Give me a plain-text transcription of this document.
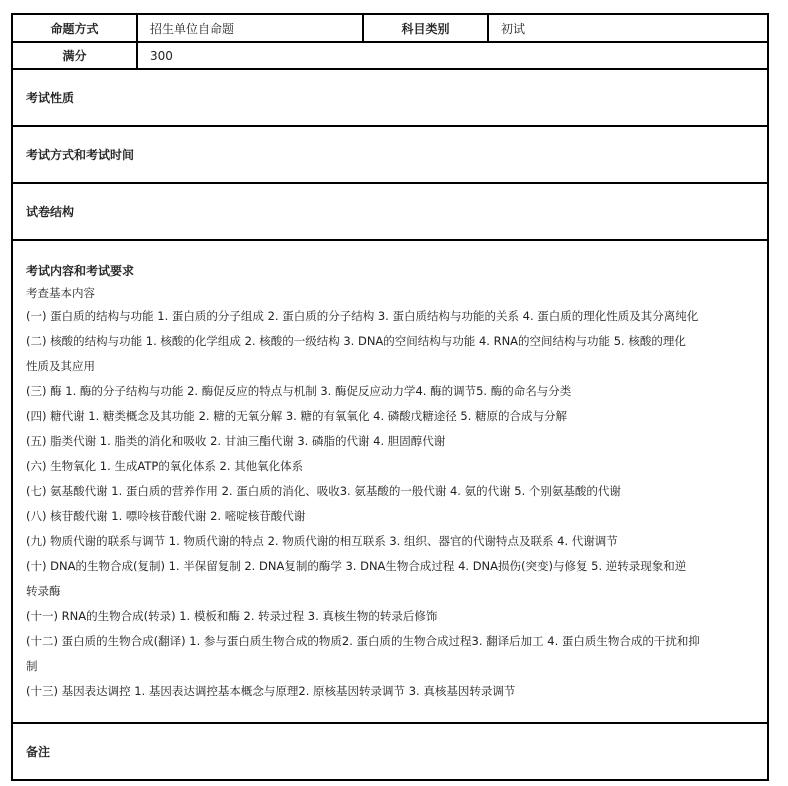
命题方式	招生单位自命题	科目类别	初试
满分	300		
考试性质
考试方式和考试时间
试卷结构
考试内容和考试要求
考查基本内容
(一) 蛋白质的结构与功能 1. 蛋白质的分子组成 2. 蛋白质的分子结构 3. 蛋白质结构与功能的关系 4. 蛋白质的理化性质及其分离纯化
(二) 核酸的结构与功能 1. 核酸的化学组成 2. 核酸的一级结构 3. DNA的空间结构与功能 4. RNA的空间结构与功能 5. 核酸的理化
性质及其应用
(三) 酶 1. 酶的分子结构与功能 2. 酶促反应的特点与机制 3. 酶促反应动力学4. 酶的调节5. 酶的命名与分类
(四) 糖代谢 1. 糖类概念及其功能 2. 糖的无氧分解 3. 糖的有氧氧化 4. 磷酸戊糖途径 5. 糖原的合成与分解
(五) 脂类代谢 1. 脂类的消化和吸收 2. 甘油三酯代谢 3. 磷脂的代谢 4. 胆固醇代谢
(六) 生物氧化 1. 生成ATP的氧化体系 2. 其他氧化体系
(七) 氨基酸代谢 1. 蛋白质的营养作用 2. 蛋白质的消化、吸收3. 氨基酸的一般代谢 4. 氨的代谢 5. 个别氨基酸的代谢
(八) 核苷酸代谢 1. 嘌呤核苷酸代谢 2. 嘧啶核苷酸代谢
(九) 物质代谢的联系与调节 1. 物质代谢的特点 2. 物质代谢的相互联系 3. 组织、器官的代谢特点及联系 4. 代谢调节
(十) DNA的生物合成(复制) 1. 半保留复制 2. DNA复制的酶学 3. DNA生物合成过程 4. DNA损伤(突变)与修复 5. 逆转录现象和逆
转录酶
(十一) RNA的生物合成(转录) 1. 模板和酶 2. 转录过程 3. 真核生物的转录后修饰
(十二) 蛋白质的生物合成(翻译) 1. 参与蛋白质生物合成的物质2. 蛋白质的生物合成过程3. 翻译后加工 4. 蛋白质生物合成的干扰和抑
制
(十三) 基因表达调控 1. 基因表达调控基本概念与原理2. 原核基因转录调节 3. 真核基因转录调节
备注
